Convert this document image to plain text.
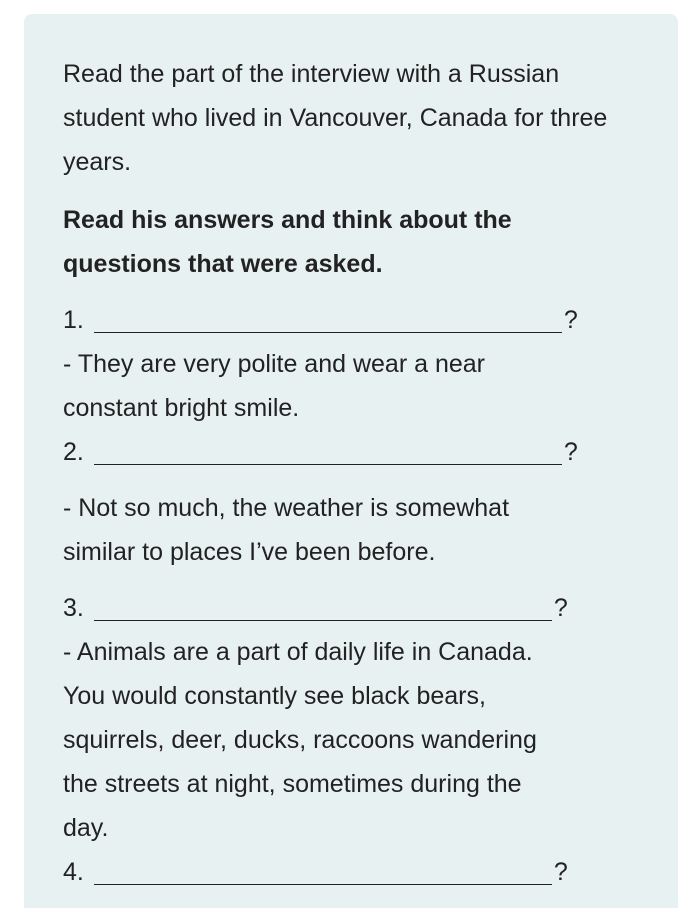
Read the part of the interview with a Russian student who lived in Vancouver, Canada for three years.

Read his answers and think about the questions that were asked.

1.	?

- They are very polite and wear a near

constant bright smile.

2.	?

- Not so much, the weather is somewhat

similar to places I’ve been before.

3.	?

- Animals are a part of daily life in Canada.

You would constantly see black bears,

squirrels, deer, ducks, raccoons wandering

the streets at night, sometimes during the

day.

4.	?
